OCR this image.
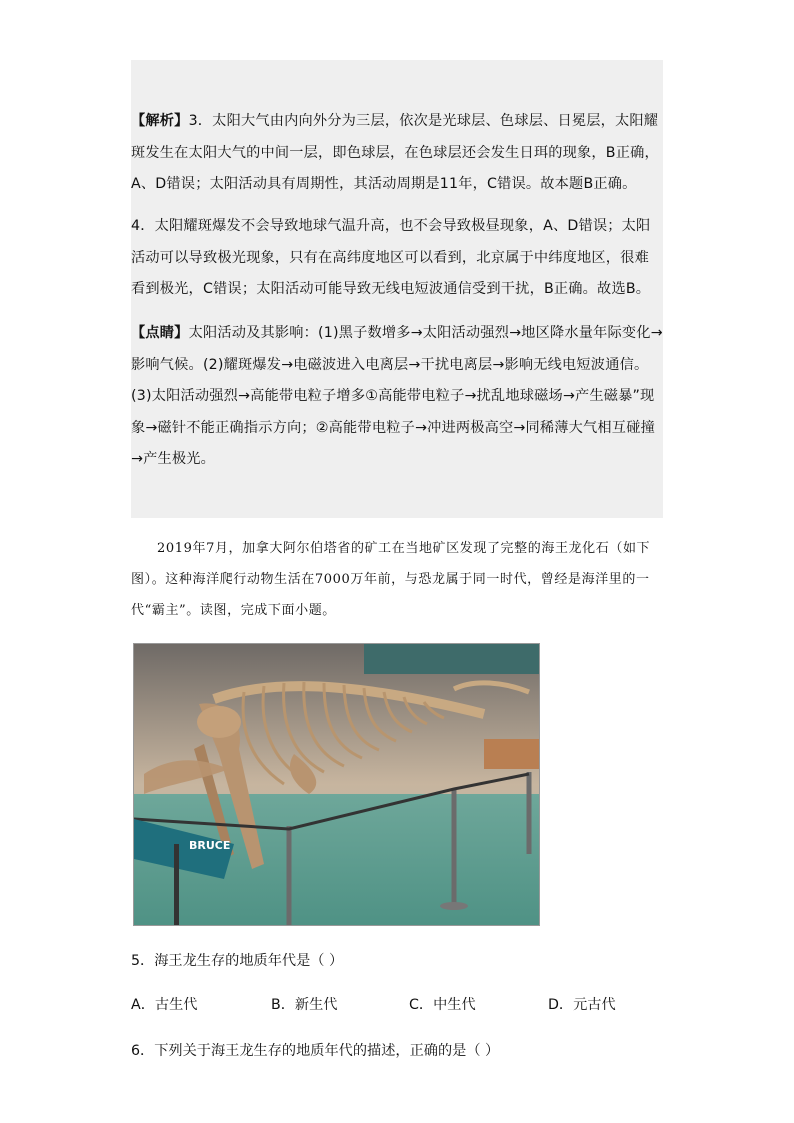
【解析】3．太阳大气由内向外分为三层，依次是光球层、色球层、日冕层，太阳耀斑发生在太阳大气的中间一层，即色球层，在色球层还会发生日珥的现象，B正确，A、D错误；太阳活动具有周期性，其活动周期是11年，C错误。故本题B正确。

4．太阳耀斑爆发不会导致地球气温升高，也不会导致极昼现象，A、D错误；太阳活动可以导致极光现象，只有在高纬度地区可以看到，北京属于中纬度地区，很难看到极光，C错误；太阳活动可能导致无线电短波通信受到干扰，B正确。故选B。

【点睛】太阳活动及其影响：(1)黑子数增多→太阳活动强烈→地区降水量年际变化→影响气候。(2)耀斑爆发→电磁波进入电离层→干扰电离层→影响无线电短波通信。(3)太阳活动强烈→高能带电粒子增多①高能带电粒子→扰乱地球磁场→产生磁暴”现象→磁针不能正确指示方向；②高能带电粒子→冲进两极高空→同稀薄大气相互碰撞→产生极光。

2019年7月，加拿大阿尔伯塔省的矿工在当地矿区发现了完整的海王龙化石（如下图）。这种海洋爬行动物生活在7000万年前，与恐龙属于同一时代，曾经是海洋里的一代“霸主”。读图，完成下面小题。

BRUCE
5．海王龙生存的地质年代是（ ）
A．古生代	B．新生代	C．中生代	D．元古代
6．下列关于海王龙生存的地质年代的描述，正确的是（ ）
